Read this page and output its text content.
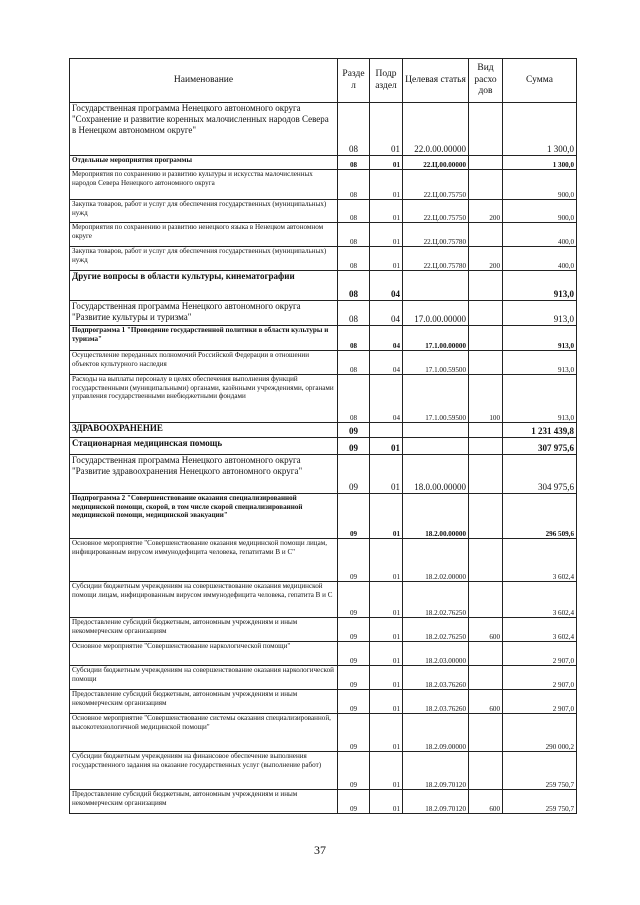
Наименование	Разде л	Подр аздел	Целевая статья	Вид расхо дов	Сумма
Государственная программа Ненецкого автономного округа "Сохранение и развитие коренных малочисленных народов Севера в Ненецком автономном округе"	08	01	22.0.00.00000		1 300,0
Отдельные мероприятия программы	08	01	22.Ц.00.00000		1 300,0
Мероприятия по сохранению и развитию культуры и искусства малочисленных народов Севера Ненецкого автономного округа	08	01	22.Ц.00.75750		900,0
Закупка товаров, работ и услуг для обеспечения государственных (муниципальных) нужд	08	01	22.Ц.00.75750	200	900,0
Мероприятия по сохранению и развитию ненецкого языка в Ненецком автономном округе	08	01	22.Ц.00.75780		400,0
Закупка товаров, работ и услуг для обеспечения государственных (муниципальных) нужд	08	01	22.Ц.00.75780	200	400,0
Другие вопросы в области культуры, кинематографии	08	04			913,0
Государственная программа Ненецкого автономного округа "Развитие культуры и туризма"	08	04	17.0.00.00000		913,0
Подпрограмма 1 "Проведение государственной политики в области культуры и туризма"	08	04	17.1.00.00000		913,0
Осуществление переданных полномочий Российской Федерации в отношении объектов культурного наследия	08	04	17.1.00.59500		913,0
Расходы на выплаты персоналу в целях обеспечения выполнения функций государственными (муниципальными) органами, казёнными учреждениями, органами управления государственными внебюджетными фондами	08	04	17.1.00.59500	100	913,0
ЗДРАВООХРАНЕНИЕ	09				1 231 439,8
Стационарная медицинская помощь	09	01			307 975,6
Государственная программа Ненецкого автономного округа "Развитие здравоохранения Ненецкого автономного округа"	09	01	18.0.00.00000		304 975,6
Подпрограмма 2 "Совершенствование оказания специализированной медицинской помощи, скорой, в том числе скорой специализированной медицинской помощи, медицинской эвакуации"	09	01	18.2.00.00000		296 509,6
Основное мероприятие "Совершенствование оказания медицинской помощи лицам, инфицированным вирусом иммунодефицита человека, гепатитами В и С"	09	01	18.2.02.00000		3 602,4
Субсидии бюджетным учреждениям на совершенствование оказания медицинской помощи лицам, инфицированным вирусом иммунодефицита человека, гепатита В и С	09	01	18.2.02.76250		3 602,4
Предоставление субсидий бюджетным, автономным учреждениям и иным некоммерческим организациям	09	01	18.2.02.76250	600	3 602,4
Основное мероприятие "Совершенствование наркологической помощи"	09	01	18.2.03.00000		2 907,0
Субсидии бюджетным учреждениям на совершенствование оказания наркологической помощи	09	01	18.2.03.76260		2 907,0
Предоставление субсидий бюджетным, автономным учреждениям и иным некоммерческим организациям	09	01	18.2.03.76260	600	2 907,0
Основное мероприятие "Совершенствование системы оказания специализированной, высокотехнологичной медицинской помощи"	09	01	18.2.09.00000		290 000,2
Субсидии бюджетным учреждениям на финансовое обеспечение выполнения государственного задания на оказание государственных услуг (выполнение работ)	09	01	18.2.09.70120		259 750,7
Предоставление субсидий бюджетным, автономным учреждениям и иным некоммерческим организациям	09	01	18.2.09.70120	600	259 750,7
37
